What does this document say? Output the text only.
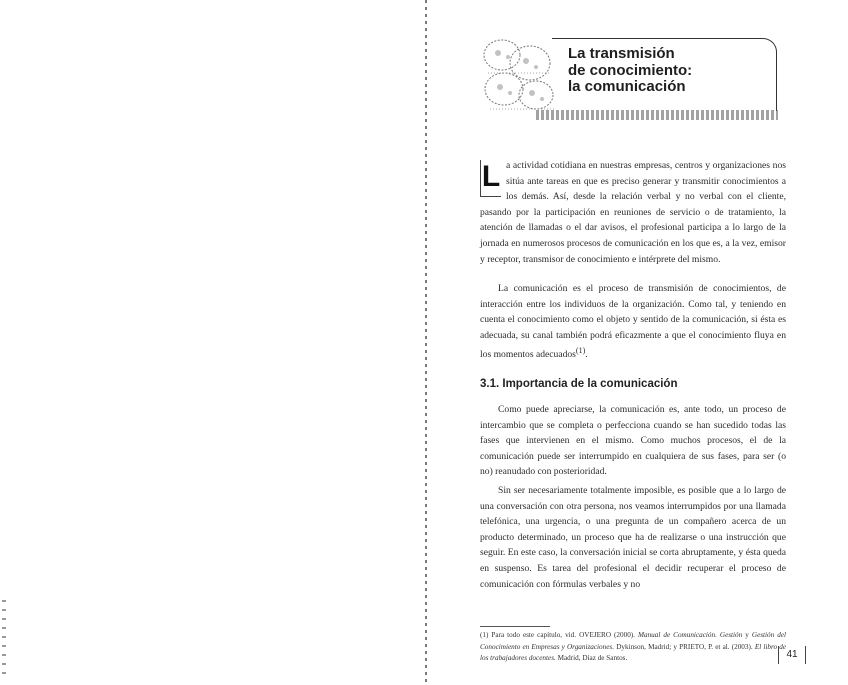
La transmisión
de conocimiento:
la comunicación

L a actividad cotidiana en nuestras empresas, centros y organizaciones nos sitúa ante tareas en que es preciso generar y transmitir conocimientos a los demás. Así, desde la relación verbal y no verbal con el cliente, pasando por la participación en reuniones de servicio o de tratamiento, la atención de llamadas o el dar avisos, el profesional participa a lo largo de la jornada en numerosos procesos de comunicación en los que es, a la vez, emisor y receptor, transmisor de conocimiento e intérprete del mismo.

La comunicación es el proceso de transmisión de conocimientos, de interacción entre los individuos de la organización. Como tal, y teniendo en cuenta el conocimiento como el objeto y sentido de la comunicación, si ésta es adecuada, su canal también podrá eficazmente a que el conocimiento fluya en los momentos adecuados$^{(1)}$.

3.1. Importancia de la comunicación

Como puede apreciarse, la comunicación es, ante todo, un proceso de intercambio que se completa o perfecciona cuando se han sucedido todas las fases que intervienen en el mismo. Como muchos procesos, el de la comunicación puede ser interrumpido en cualquiera de sus fases, para ser (o no) reanudado con posterioridad.

Sin ser necesariamente totalmente imposible, es posible que a lo largo de una conversación con otra persona, nos veamos interrumpidos por una llamada telefónica, una urgencia, o una pregunta de un compañero acerca de un producto determinado, un proceso que ha de realizarse o una instrucción que seguir. En este caso, la conversación inicial se corta abruptamente, y ésta queda en suspenso. Es tarea del profesional el decidir recuperar el proceso de comunicación con fórmulas verbales y no

(1) Para todo este capítulo, vid. OVEJERO (2000). Manual de Comunicación. Gestión y Gestión del Conocimiento en Empresas y Organizaciones. Dykinson, Madrid; y PRIETO, P. et al. (2003). El libro de los trabajadores docentes. Madrid, Díaz de Santos.	41
